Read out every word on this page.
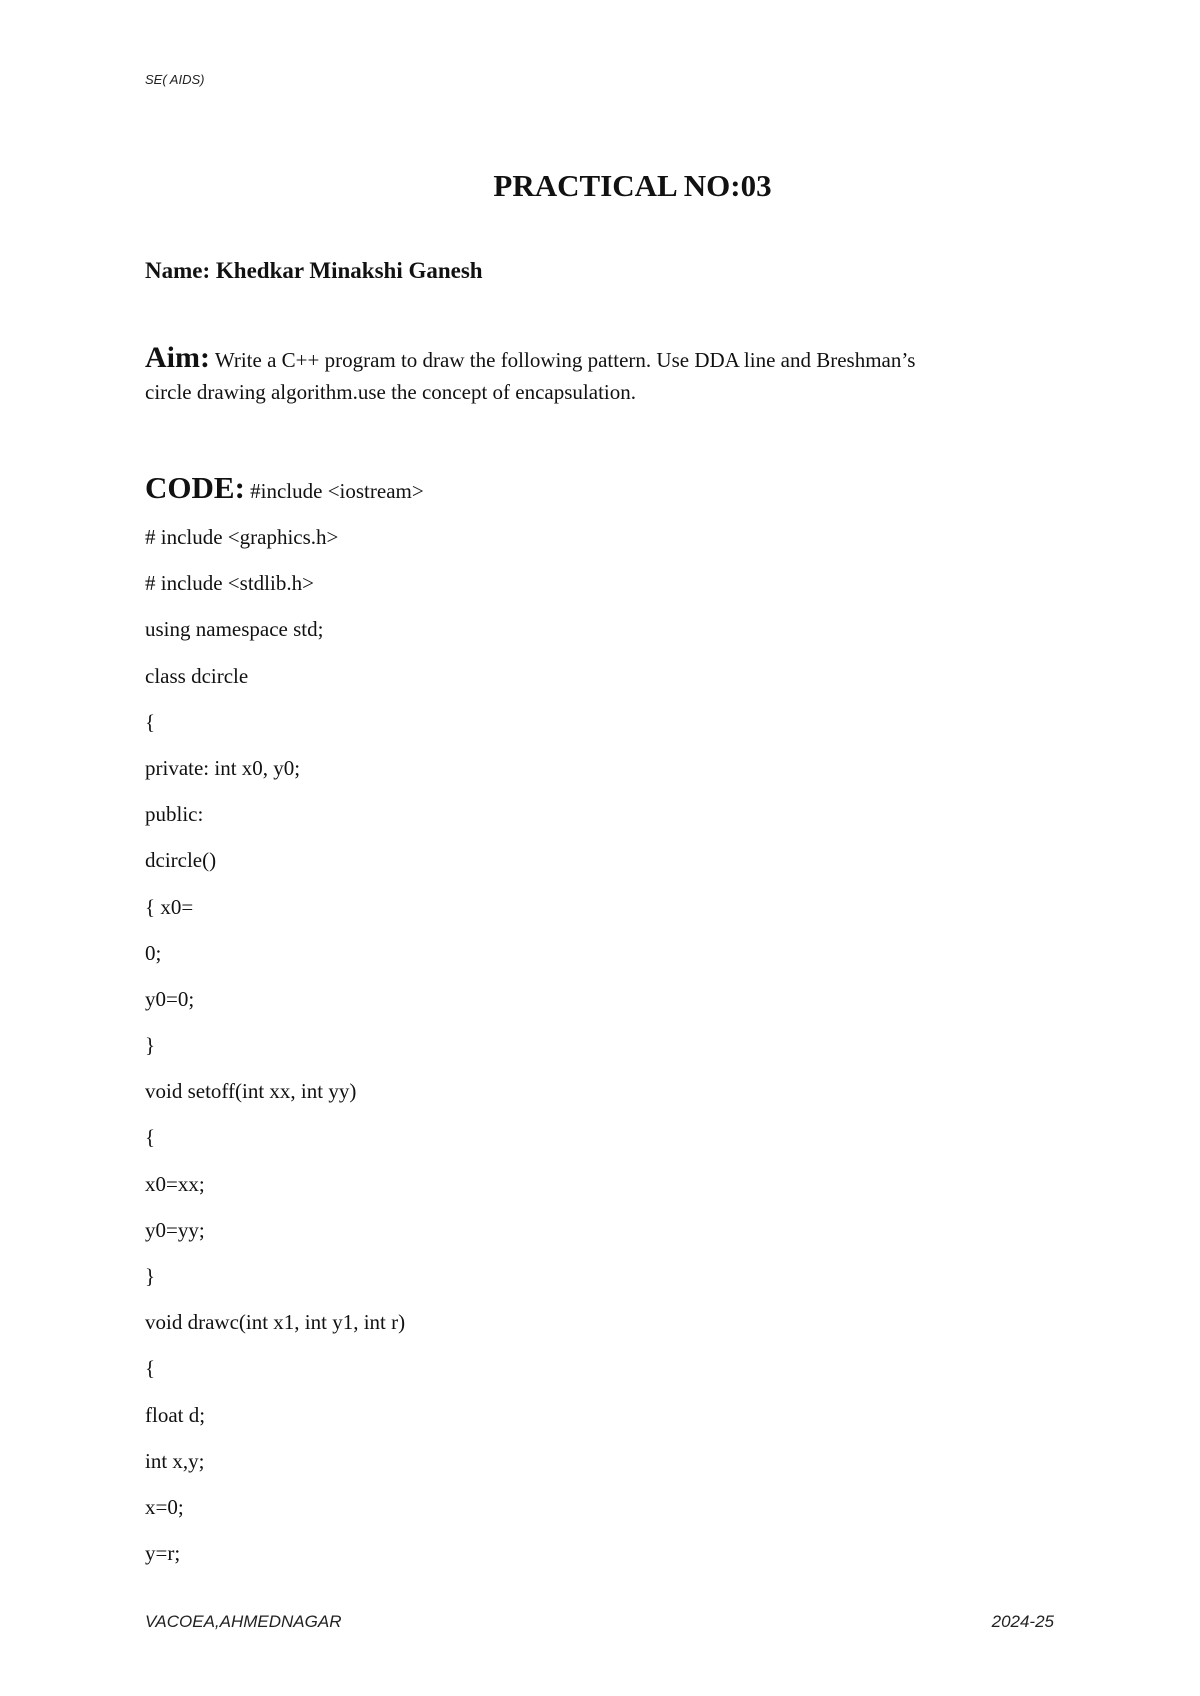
SE( AIDS)
PRACTICAL NO:03
Name: Khedkar Minakshi Ganesh
Aim: Write a C++ program to draw the following pattern. Use DDA line and Breshman’s circle drawing algorithm.use the concept of encapsulation.
CODE: #include <iostream>
# include <graphics.h>
# include <stdlib.h>
using namespace std;
class dcircle
{
private: int x0, y0;
public:
dcircle()
{ x0=
0;
y0=0;
}
void setoff(int xx, int yy)
{
x0=xx;
y0=yy;
}
void drawc(int x1, int y1, int r)
{
float d;
int x,y;
x=0;
y=r;
VACOEA,AHMEDNAGAR	2024-25
